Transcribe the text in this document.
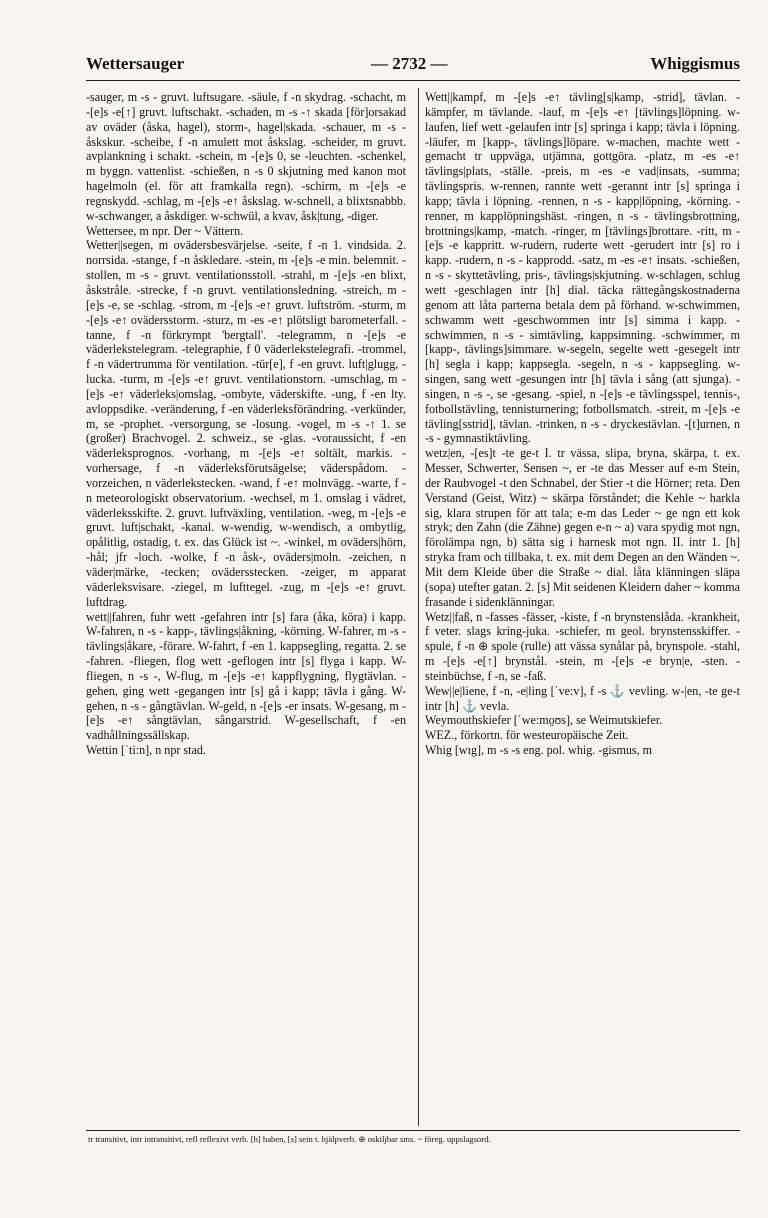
Wettersauger	— 2732 —	Whiggismus

-sauger, m -s - gruvt. luftsugare. -säule, f -n skydrag. -schacht, m -[e]s -e[↑] gruvt. luftschakt. -schaden, m -s -↑ skada [för]orsakad av oväder (åska, hagel), storm-, hagel|skada. -schauer, m -s - åskskur. -scheibe, f -n amulett mot åskslag. -scheider, m gruvt. avplankning i schakt. -schein, m -[e]s 0, se -leuchten. -schenkel, m byggn. vattenlist. -schießen, n -s 0 skjutning med kanon mot hagelmoln (el. för att framkalla regn). -schirm, m -[e]s -e regnskydd. -schlag, m -[e]s -e↑ åskslag. w-schnell, a blixtsnabbb. w-schwanger, a åskdiger. w-schwül, a kvav, åsk|tung, -diger.

Wettersee, m npr. Der ~ Vättern.

Wetter||segen, m ovädersbesvärjelse. -seite, f -n 1. vindsida. 2. norrsida. -stange, f -n åskledare. -stein, m -[e]s -e min. belemnit. -stollen, m -s - gruvt. ventilationsstoll. -strahl, m -[e]s -en blixt, åskstråle. -strecke, f -n gruvt. ventilationsledning. -streich, m -[e]s -e, se -schlag. -strom, m -[e]s -e↑ gruvt. luftström. -sturm, m -[e]s -e↑ ovädersstorm. -sturz, m -es -e↑ plötsligt barometerfall. -tanne, f -n förkrympt 'bergtall'. -telegramm, n -[e]s -e väderlekstelegram. -telegraphie, f 0 väderlekstelegrafi. -trommel, f -n vädertrumma för ventilation. -tür[e], f -en gruvt. luft|glugg, -lucka. -turm, m -[e]s -e↑ gruvt. ventilationstorn. -umschlag, m -[e]s -e↑ väderleks|omslag, -ombyte, väderskifte. -ung, f -en lty. avloppsdike. -veränderung, f -en väderleksförändring. -verkünder, m, se -prophet. -versorgung, se -losung. -vogel, m -s -↑ 1. se (großer) Brachvogel. 2. schweiz., se -glas. -voraussicht, f -en väderleksprognos. -vorhang, m -[e]s -e↑ soltält, markis. -vorhersage, f -n väderleksförutsägelse; väderspådom. -vorzeichen, n väderlekstecken. -wand, f -e↑ molnvägg. -warte, f -n meteorologiskt observatorium. -wechsel, m 1. omslag i vädret, väderleksskifte. 2. gruvt. luftväxling, ventilation. -weg, m -[e]s -e gruvt. luft|schakt, -kanal. w-wendig, w-wendisch, a ombytlig, opålitlig, ostadig, t. ex. das Glück ist ~. -winkel, m oväders|hörn, -hål; jfr -loch. -wolke, f -n åsk-, oväders|moln. -zeichen, n väder|märke, -tecken; ovädersstecken. -zeiger, m apparat väderleksvisare. -ziegel, m lufttegel. -zug, m -[e]s -e↑ gruvt. luftdrag.

wett||fahren, fuhr wett -gefahren intr [s] fara (åka, köra) i kapp. W-fahren, n -s - kapp-, tävlings|åkning, -körning. W-fahrer, m -s - tävlings|åkare, -förare. W-fahrt, f -en 1. kappsegling, regatta. 2. se -fahren. -fliegen, flog wett -geflogen intr [s] flyga i kapp. W-fliegen, n -s -, W-flug, m -[e]s -e↑ kappflygning, flygtävlan. -gehen, ging wett -gegangen intr [s] gå i kapp; tävla i gång. W-gehen, n -s - gångtävlan. W-geld, n -[e]s -er insats. W-gesang, m -[e]s -e↑ sångtävlan, sångarstrid. W-gesellschaft, f -en vadhållningssällskap.

Wettin [ˈti:n], n npr stad.

Wett||kampf, m -[e]s -e↑ tävling[s|kamp, -strid], tävlan. -kämpfer, m tävlande. -lauf, m -[e]s -e↑ [tävlings]löpning. w-laufen, lief wett -gelaufen intr [s] springa i kapp; tävla i löpning. -läufer, m [kapp-, tävlings]löpare. w-machen, machte wett -gemacht tr uppväga, utjämna, gottgöra. -platz, m -es -e↑ tävlings|plats, -ställe. -preis, m -es -e vad|insats, -summa; tävlingspris. w-rennen, rannte wett -gerannt intr [s] springa i kapp; tävla i löpning. -rennen, n -s - kapp|löpning, -körning. -renner, m kapplöpningshäst. -ringen, n -s - tävlingsbrottning, brottnings|kamp, -match. -ringer, m [tävlings]brottare. -ritt, m -[e]s -e kappritt. w-rudern, ruderte wett -gerudert intr [s] ro i kapp. -rudern, n -s - kapprodd. -satz, m -es -e↑ insats. -schießen, n -s - skyttetävling, pris-, tävlings|skjutning. w-schlagen, schlug wett -geschlagen intr [h] dial. täcka rättegångskostnaderna genom att låta parterna betala dem på förhand. w-schwimmen, schwamm wett -geschwommen intr [s] simma i kapp. -schwimmen, n -s - simtävling, kappsimning. -schwimmer, m [kapp-, tävlings]simmare. w-segeln, segelte wett -gesegelt intr [h] segla i kapp; kappsegla. -segeln, n -s - kappsegling. w-singen, sang wett -gesungen intr [h] tävla i sång (att sjunga). -singen, n -s -, se -gesang. -spiel, n -[e]s -e tävlingsspel, tennis-, fotbollstävling, tennisturnering; fotbollsmatch. -streit, m -[e]s -e tävling[sstrid], tävlan. -trinken, n -s - dryckestävlan. -[t]urnen, n -s - gymnastiktävling.

wetz|en, -[es]t -te ge-t I. tr vässa, slipa, bryna, skärpa, t. ex. Messer, Schwerter, Sensen ~, er -te das Messer auf e-m Stein, der Raubvogel -t den Schnabel, der Stier -t die Hörner; reta. Den Verstand (Geist, Witz) ~ skärpa förståndet; die Kehle ~ harkla sig, klara strupen för att tala; e-m das Leder ~ ge ngn ett kok stryk; den Zahn (die Zähne) gegen e-n ~ a) vara spydig mot ngn, förolämpa ngn, b) sätta sig i harnesk mot ngn. II. intr 1. [h] stryka fram och tillbaka, t. ex. mit dem Degen an den Wänden ~. Mit dem Kleide über die Straße ~ dial. låta klänningen släpa (sopa) utefter gatan. 2. [s] Mit seidenen Kleidern daher ~ komma frasande i sidenklänningar.

Wetz||faß, n -fasses -fässer, -kiste, f -n brynstenslåda. -krankheit, f veter. slags kring-juka. -schiefer, m geol. brynstensskiffer. -spule, f -n ⊕ spole (rulle) att vässa synålar på, brynspole. -stahl, m -[e]s -e[↑] brynstål. -stein, m -[e]s -e bryn|e, -sten. -steinbüchse, f -n, se -faß.

Wew||e|liene, f -n, -e|ling [ˈve:v], f -s ⚓ vevling. w-|en, -te ge-t intr [h] ⚓ vevla.

Weymouthskiefer [ˈwe:mo̤ʊs], se Weimutskiefer.

WEZ., förkortn. för westeuropäische Zeit.

Whig [wɪg], m -s -s eng. pol. whig. -gismus, m

tr transitivt, intr intransitivt, refl reflexivt verb. [h] haben, [s] sein t. hjälpverb. ⊕ oskiljbar sms. ~ föreg. uppslagsord.
